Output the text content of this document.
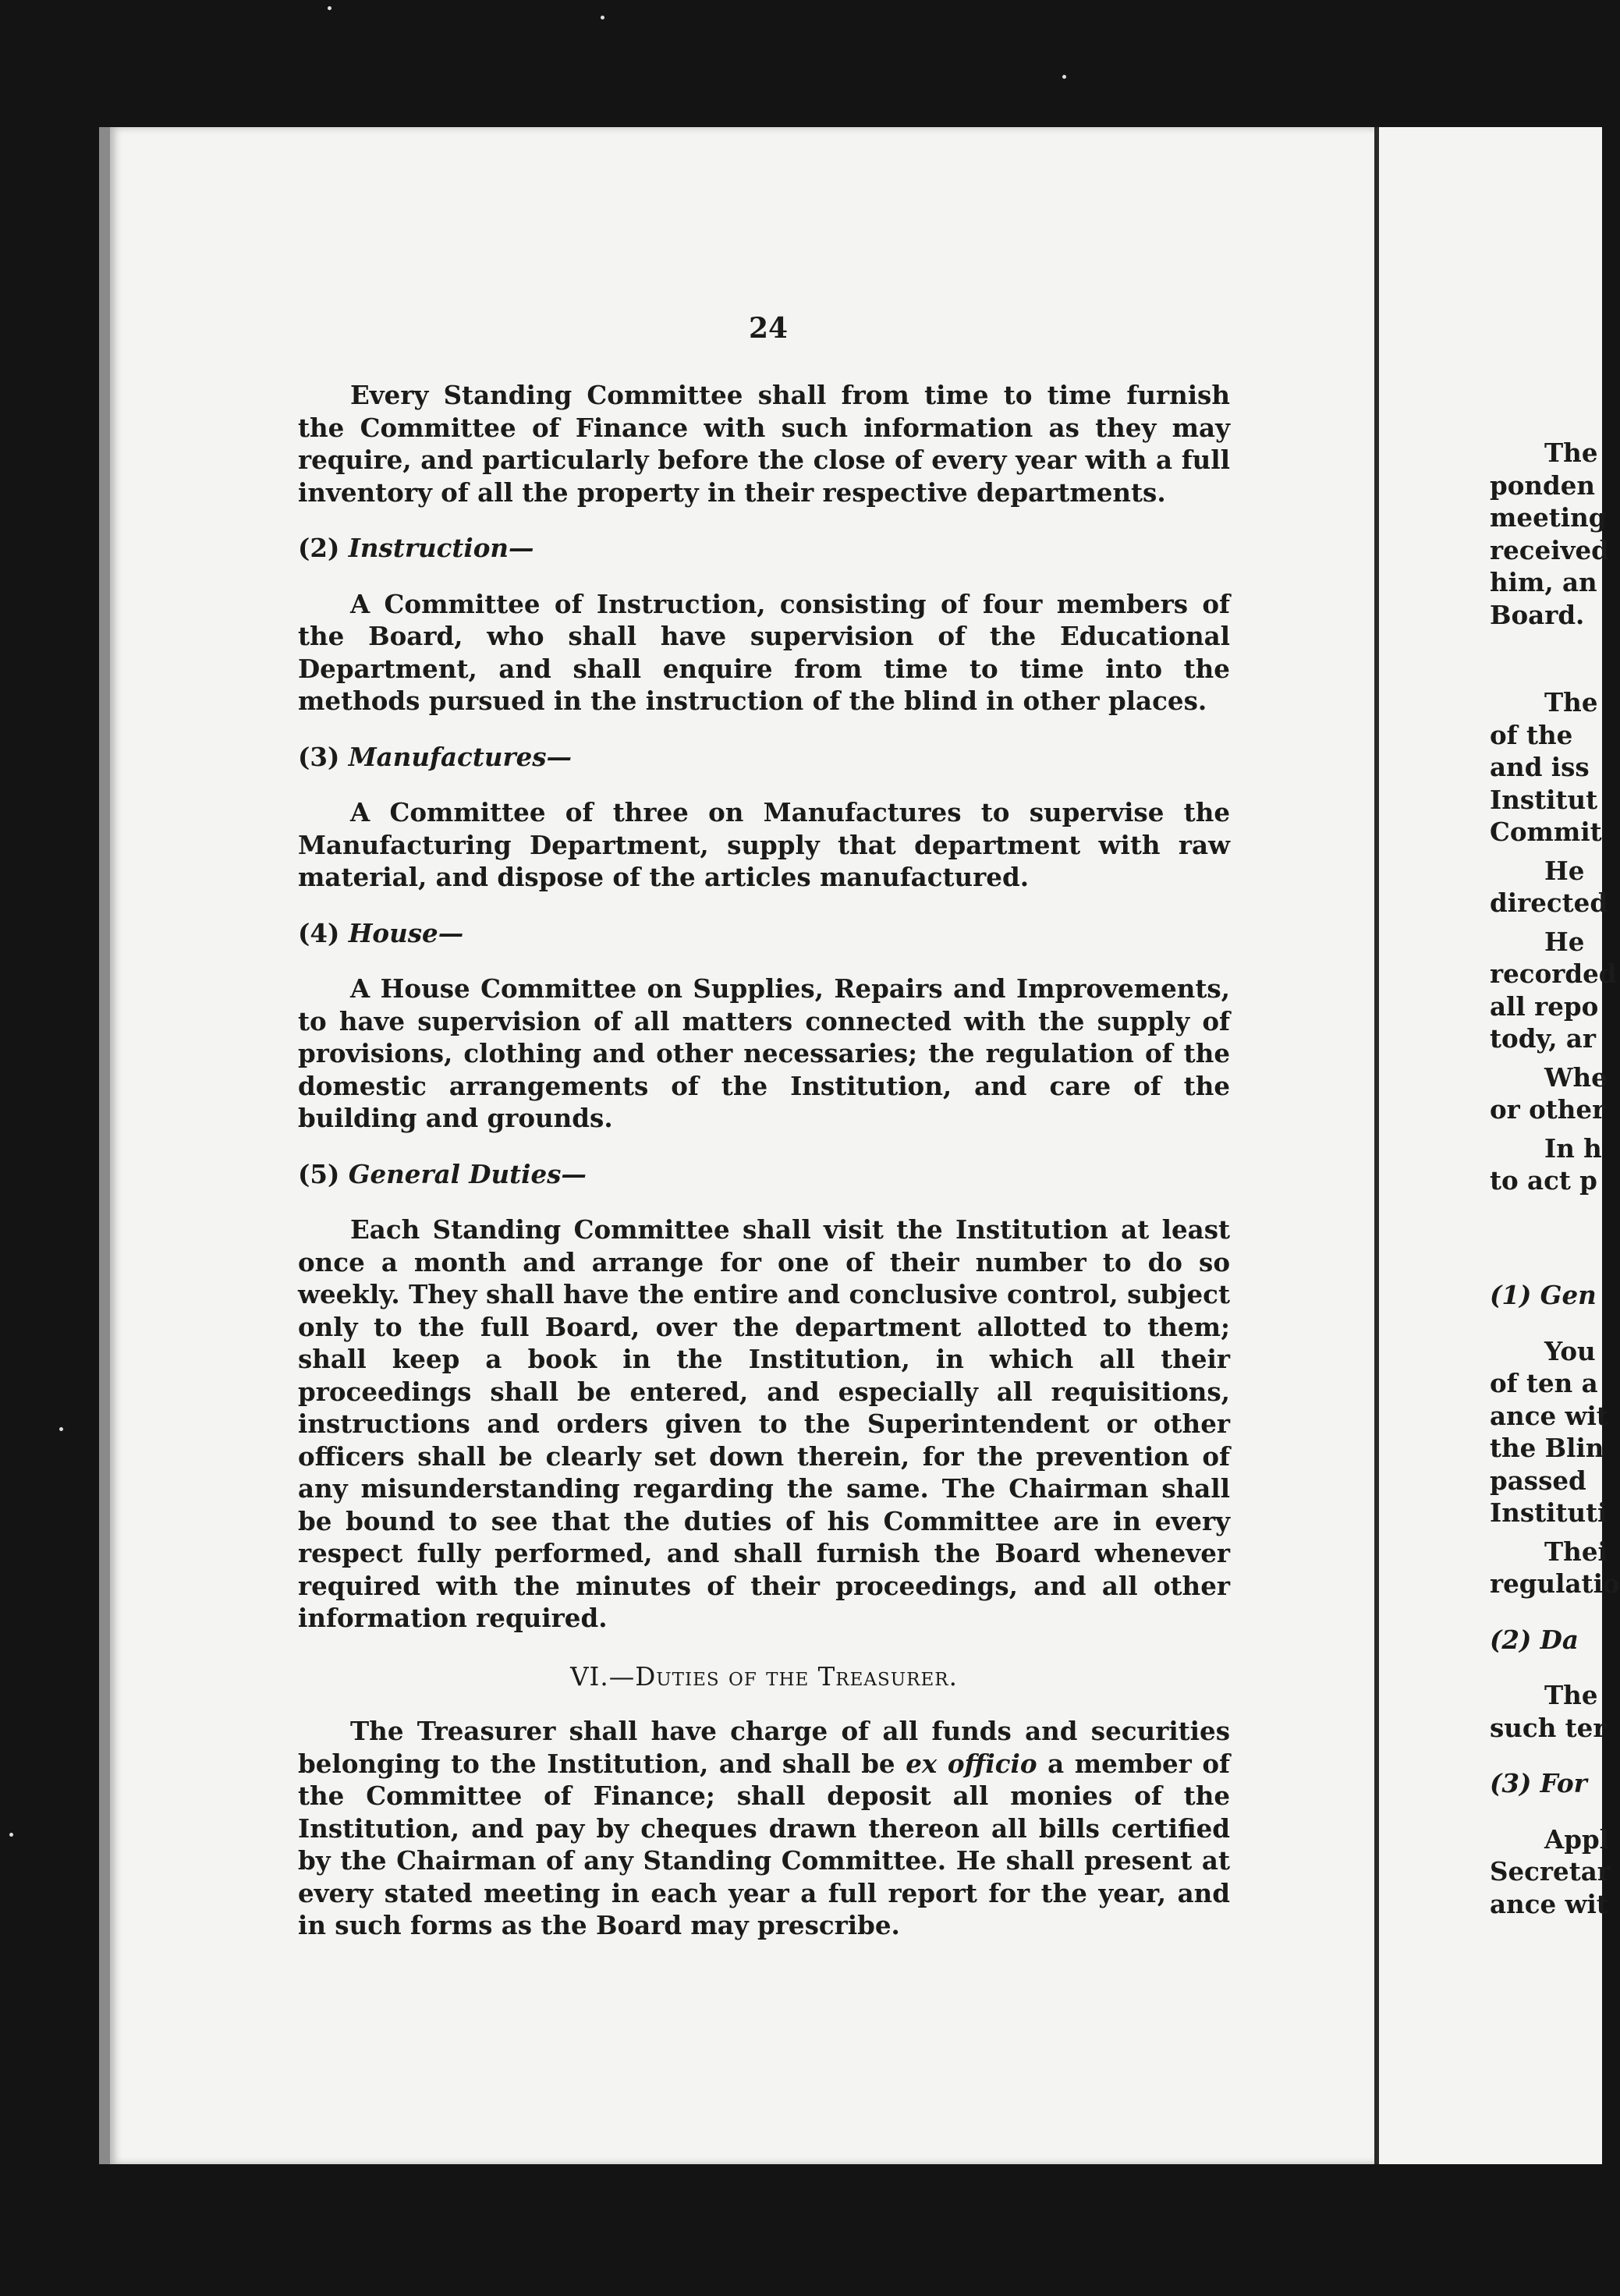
24

Every Standing Committee shall from time to time furnish the Committee of Finance with such information as they may require, and particularly before the close of every year with a full inventory of all the property in their respective departments.

(2) Instruction—

A Committee of Instruction, consisting of four members of the Board, who shall have supervision of the Educational Department, and shall enquire from time to time into the methods pursued in the instruction of the blind in other places.

(3) Manufactures—

A Committee of three on Manufactures to supervise the Manufacturing Department, supply that department with raw material, and dispose of the articles manufactured.

(4) House—

A House Committee on Supplies, Repairs and Improvements, to have supervision of all matters connected with the supply of provisions, clothing and other necessaries; the regulation of the domestic arrangements of the Institution, and care of the building and grounds.

(5) General Duties—

Each Standing Committee shall visit the Institution at least once a month and arrange for one of their number to do so weekly. They shall have the entire and conclusive control, subject only to the full Board, over the department allotted to them; shall keep a book in the Institution, in which all their proceedings shall be entered, and especially all requisitions, instructions and orders given to the Superintendent or other officers shall be clearly set down therein, for the prevention of any misunderstanding regarding the same. The Chairman shall be bound to see that the duties of his Committee are in every respect fully performed, and shall furnish the Board whenever required with the minutes of their proceedings, and all other information required.

VI.—Duties of the Treasurer.

The Treasurer shall have charge of all funds and securities belonging to the Institution, and shall be ex officio a member of the Committee of Finance; shall deposit all monies of the Institution, and pay by cheques drawn thereon all bills certified by the Chairman of any Standing Committee. He shall present at every stated meeting in each year a full report for the year, and in such forms as the Board may prescribe.

The
ponden
meeting
received
him, an
Board.
The
of the
and iss
Institut
Commit
He
directed
He
recorded
all repo
tody, ar
Whe
or other
In h
to act p
(1) Gen
You
of ten a
ance wit
the Blin
passed
Instituti
Thei
regulatio
(2) Da
The
such ter
(3) For
Appl
Secretar
ance wit
